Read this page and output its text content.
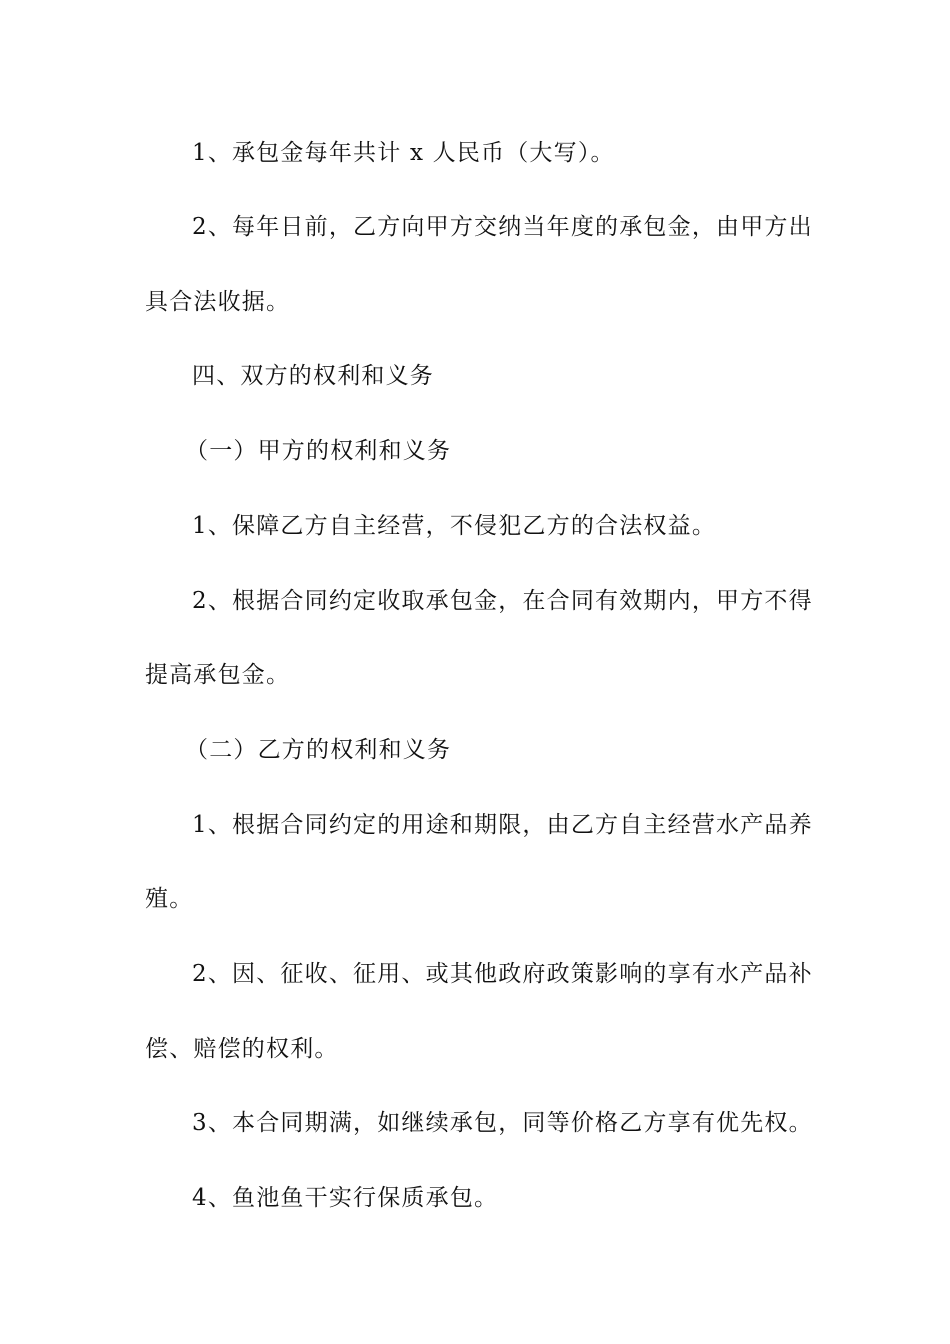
1、承包金每年共计 x 人民币（大写）。
2、每年日前，乙方向甲方交纳当年度的承包金，由甲方出
具合法收据。
四、双方的权利和义务
（一）甲方的权利和义务
1、保障乙方自主经营，不侵犯乙方的合法权益。
2、根据合同约定收取承包金，在合同有效期内，甲方不得
提高承包金。
（二）乙方的权利和义务
1、根据合同约定的用途和期限，由乙方自主经营水产品养
殖。
2、因、征收、征用、或其他政府政策影响的享有水产品补
偿、赔偿的权利。
3、本合同期满，如继续承包，同等价格乙方享有优先权。
4、鱼池鱼干实行保质承包。
